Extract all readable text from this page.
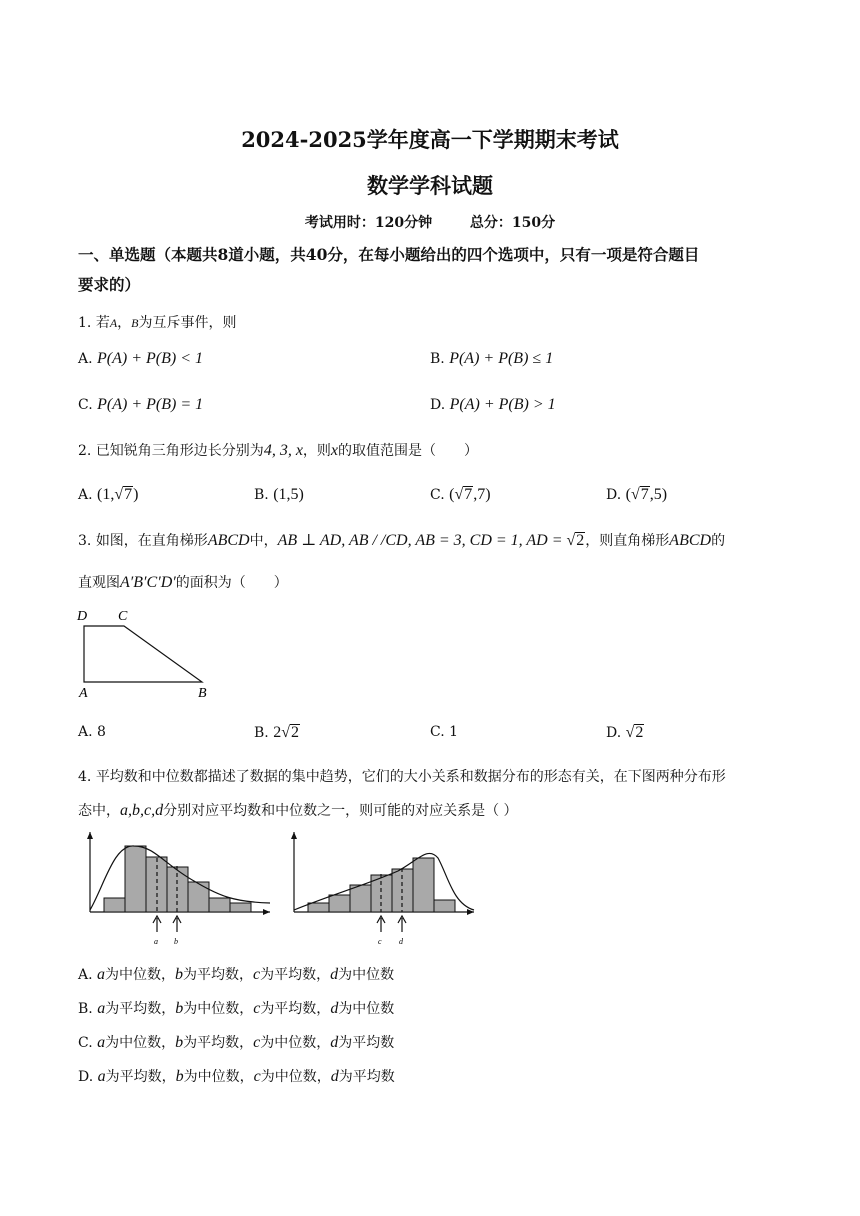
2024-2025学年度高一下学期期末考试
数学学科试题
考试用时：120分钟	总分：150分
一、单选题（本题共8道小题，共40分，在每小题给出的四个选项中，只有一项是符合题目
要求的）
1. 若A，B为互斥事件，则
A. P(A) + P(B) < 1	B. P(A) + P(B) ≤ 1
C. P(A) + P(B) = 1	D. P(A) + P(B) > 1
2. 已知锐角三角形边长分别为4, 3, x，则x的取值范围是（　　）
A. (1,√7)	B. (1,5)	C. (√7,7)	D. (√7,5)
3. 如图，在直角梯形ABCD中，AB ⊥ AD, AB / /CD, AB = 3, CD = 1, AD = √2，则直角梯形ABCD的
直观图A′B′C′D′的面积为（　　）
D C
A	B
A. 8	B. 2√2	C. 1	D. √2
4. 平均数和中位数都描述了数据的集中趋势，它们的大小关系和数据分布的形态有关，在下图两种分布形
态中，a,b,c,d分别对应平均数和中位数之一，则可能的对应关系是（ ）
a b	c d
A. a为中位数，b为平均数，c为平均数，d为中位数
B. a为平均数，b为中位数，c为平均数，d为中位数
C. a为中位数，b为平均数，c为中位数，d为平均数
D. a为平均数，b为中位数，c为中位数，d为平均数
